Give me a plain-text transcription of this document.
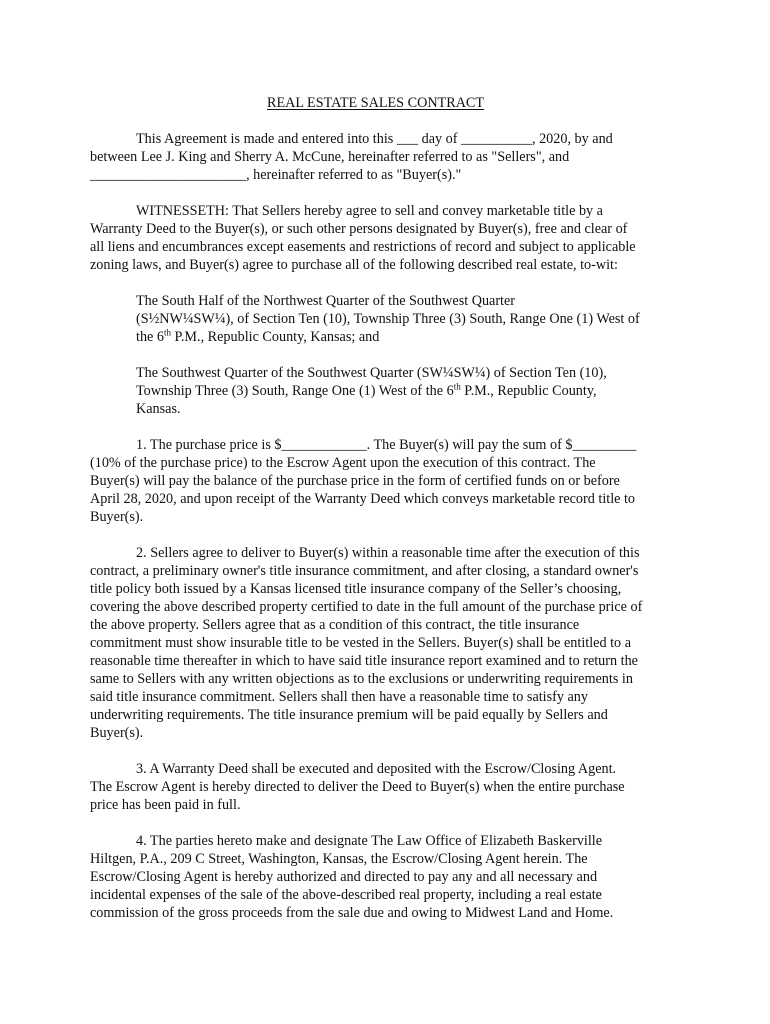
REAL ESTATE SALES CONTRACT
This Agreement is made and entered into this ___ day of __________, 2020, by and
between Lee J. King and Sherry A. McCune, hereinafter referred to as "Sellers", and
______________________, hereinafter referred to as "Buyer(s)."
WITNESSETH: That Sellers hereby agree to sell and convey marketable title by a
Warranty Deed to the Buyer(s), or such other persons designated by Buyer(s), free and clear of
all liens and encumbrances except easements and restrictions of record and subject to applicable
zoning laws, and Buyer(s) agree to purchase all of the following described real estate, to-wit:
The South Half of the Northwest Quarter of the Southwest Quarter
(S½NW¼SW¼), of Section Ten (10), Township Three (3) South, Range One (1) West of
the 6th P.M., Republic County, Kansas; and
The Southwest Quarter of the Southwest Quarter (SW¼SW¼) of Section Ten (10),
Township Three (3) South, Range One (1) West of the 6th P.M., Republic County,
Kansas.
1. The purchase price is $____________. The Buyer(s) will pay the sum of $_________
(10% of the purchase price) to the Escrow Agent upon the execution of this contract. The
Buyer(s) will pay the balance of the purchase price in the form of certified funds on or before
April 28, 2020, and upon receipt of the Warranty Deed which conveys marketable record title to
Buyer(s).
2. Sellers agree to deliver to Buyer(s) within a reasonable time after the execution of this
contract, a preliminary owner's title insurance commitment, and after closing, a standard owner's
title policy both issued by a Kansas licensed title insurance company of the Seller’s choosing,
covering the above described property certified to date in the full amount of the purchase price of
the above property. Sellers agree that as a condition of this contract, the title insurance
commitment must show insurable title to be vested in the Sellers. Buyer(s) shall be entitled to a
reasonable time thereafter in which to have said title insurance report examined and to return the
same to Sellers with any written objections as to the exclusions or underwriting requirements in
said title insurance commitment. Sellers shall then have a reasonable time to satisfy any
underwriting requirements. The title insurance premium will be paid equally by Sellers and
Buyer(s).
3. A Warranty Deed shall be executed and deposited with the Escrow/Closing Agent.
The Escrow Agent is hereby directed to deliver the Deed to Buyer(s) when the entire purchase
price has been paid in full.
4. The parties hereto make and designate The Law Office of Elizabeth Baskerville
Hiltgen, P.A., 209 C Street, Washington, Kansas, the Escrow/Closing Agent herein. The
Escrow/Closing Agent is hereby authorized and directed to pay any and all necessary and
incidental expenses of the sale of the above-described real property, including a real estate
commission of the gross proceeds from the sale due and owing to Midwest Land and Home.
